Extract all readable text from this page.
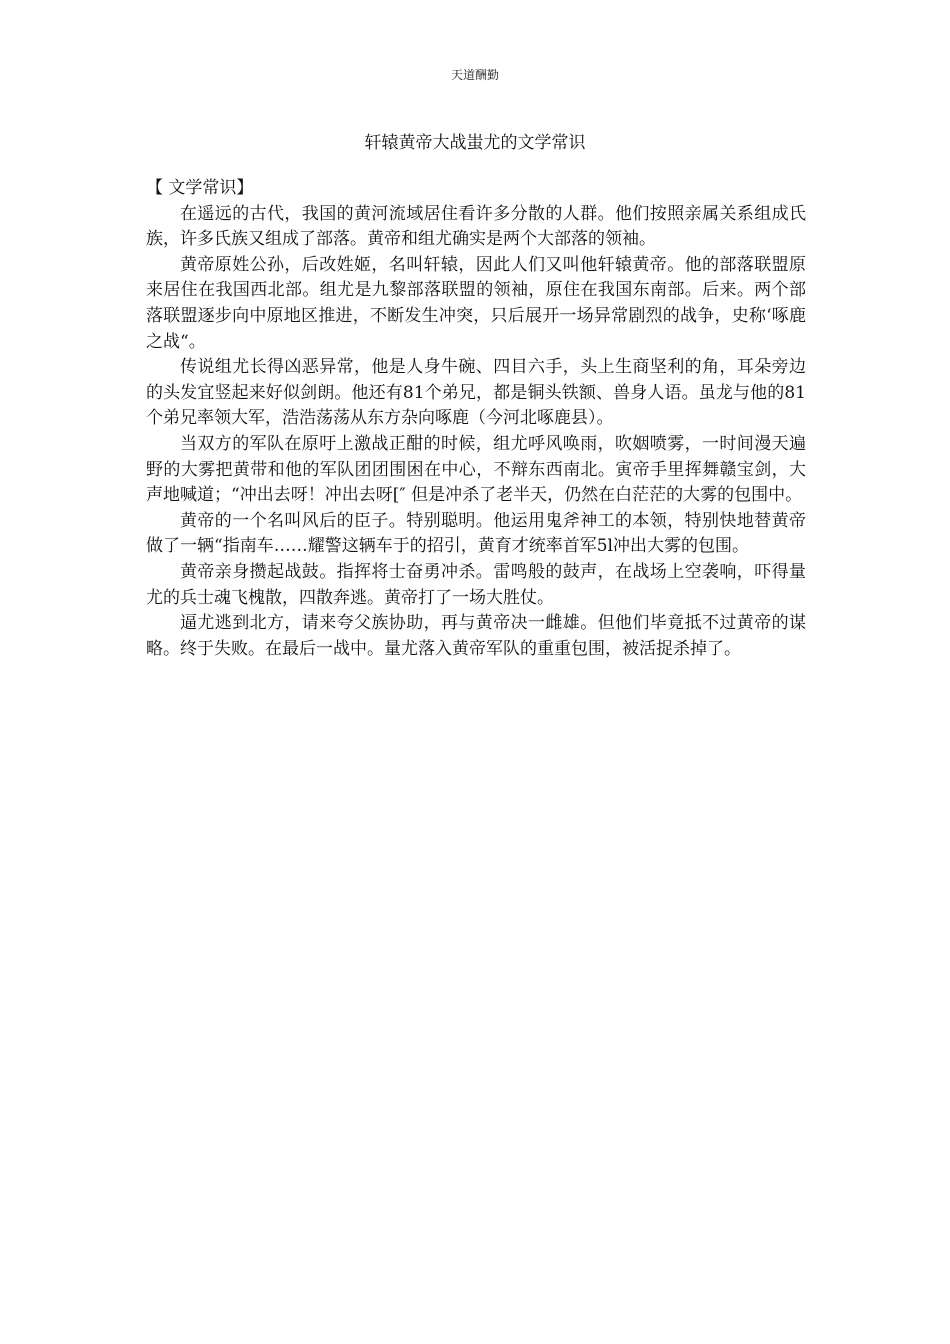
天道酬勤
轩辕黄帝大战蚩尤的文学常识

【 文学常识】

在遥远的古代，我国的黄河流域居住看许多分散的人群。他们按照亲属关系组成氏族，许多氏族又组成了部落。黄帝和组尤确实是两个大部落的领袖。

黄帝原姓公孙，后改姓姬，名叫轩辕，因此人们又叫他轩辕黄帝。他的部落联盟原来居住在我国西北部。组尤是九黎部落联盟的领袖，原住在我国东南部。后来。两个部落联盟逐步向中原地区推进，不断发生冲突，只后展开一场异常剧烈的战争，史称‘啄鹿之战“。

传说组尤长得凶恶异常，他是人身牛碗、四目六手，头上生商坚利的角，耳朵旁边的头发宜竖起来好似剑朗。他还有81个弟兄，都是铜头铁额、兽身人语。虽龙与他的81个弟兄率领大军，浩浩荡荡从东方杂向啄鹿（今河北啄鹿县）。

当双方的军队在原吁上激战正酣的时候，组尤呼风唤雨，吹姻喷雾，一时间漫天遍野的大雾把黄带和他的军队团团围困在中心，不辩东西南北。寅帝手里挥舞赣宝剑，大声地喊道；“冲出去呀！冲出去呀[″ 但是冲杀了老半天，仍然在白茫茫的大雾的包围中。

黄帝的一个名叫风后的臣子。特别聪明。他运用鬼斧神工的本领，特别快地替黄帝做了一辆“指南车……耀警这辆车于的招引，黄育才统率首军5l冲出大雾的包围。

黄帝亲身攒起战鼓。指挥将士奋勇冲杀。雷鸣般的鼓声，在战场上空袭响，吓得量尤的兵士魂飞槐散，四散奔逃。黄帝打了一场大胜仗。

逼尤逃到北方，请来夸父族协助，再与黄帝决一雌雄。但他们毕竟抵不过黄帝的谋略。终于失败。在最后一战中。量尤落入黄帝军队的重重包围，被活捉杀掉了。
